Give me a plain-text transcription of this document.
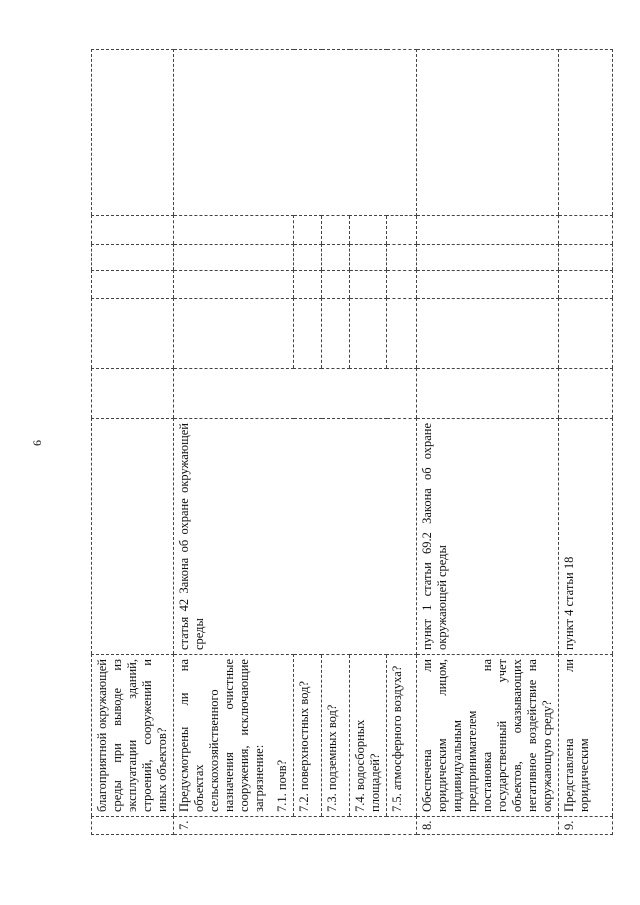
6
	благоприятной окружающей среды при выводе из эксплуатации зданий, строений, сооружений и иных объектов?							
7.	Предусмотрены ли на объектах сельскохозяйственного назначения очистные сооружения, исключающие загрязнение: 7.1. почв?	статья 42 Закона об охране окружающей среды						
	7.2. поверхностных вод?							
	7.3. подземных вод?							
	7.4. водосборных площадей?							
	7.5. атмосферного воздуха?							
8.	Обеспечена ли юридическим лицом, индивидуальным предпринимателем постановка на государственный учет объектов, оказывающих негативное воздействие на окружающую среду?	пункт 1 статьи 69.2 Закона об охране окружающей среды						
9.	Представлена ли юридическим	пункт 4 статьи 18						
